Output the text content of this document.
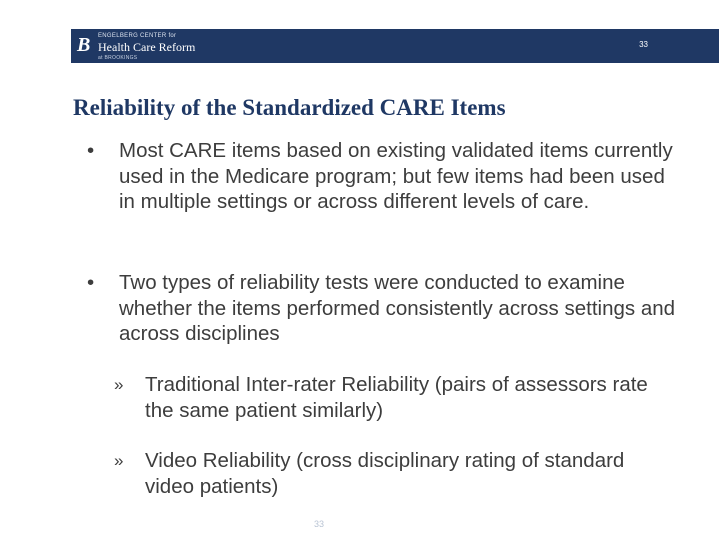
B ENGELBERG CENTER for
Health Care Reform
at BROOKINGS
33
Reliability of the Standardized CARE Items
• Most CARE items based on existing validated items currently used in the Medicare program; but few items had been used in multiple settings or across different levels of care.
• Two types of reliability tests were conducted to examine whether the items performed consistently across settings and across disciplines
» Traditional Inter-rater Reliability (pairs of assessors rate the same patient similarly)
» Video Reliability (cross disciplinary rating of standard video patients)
33
